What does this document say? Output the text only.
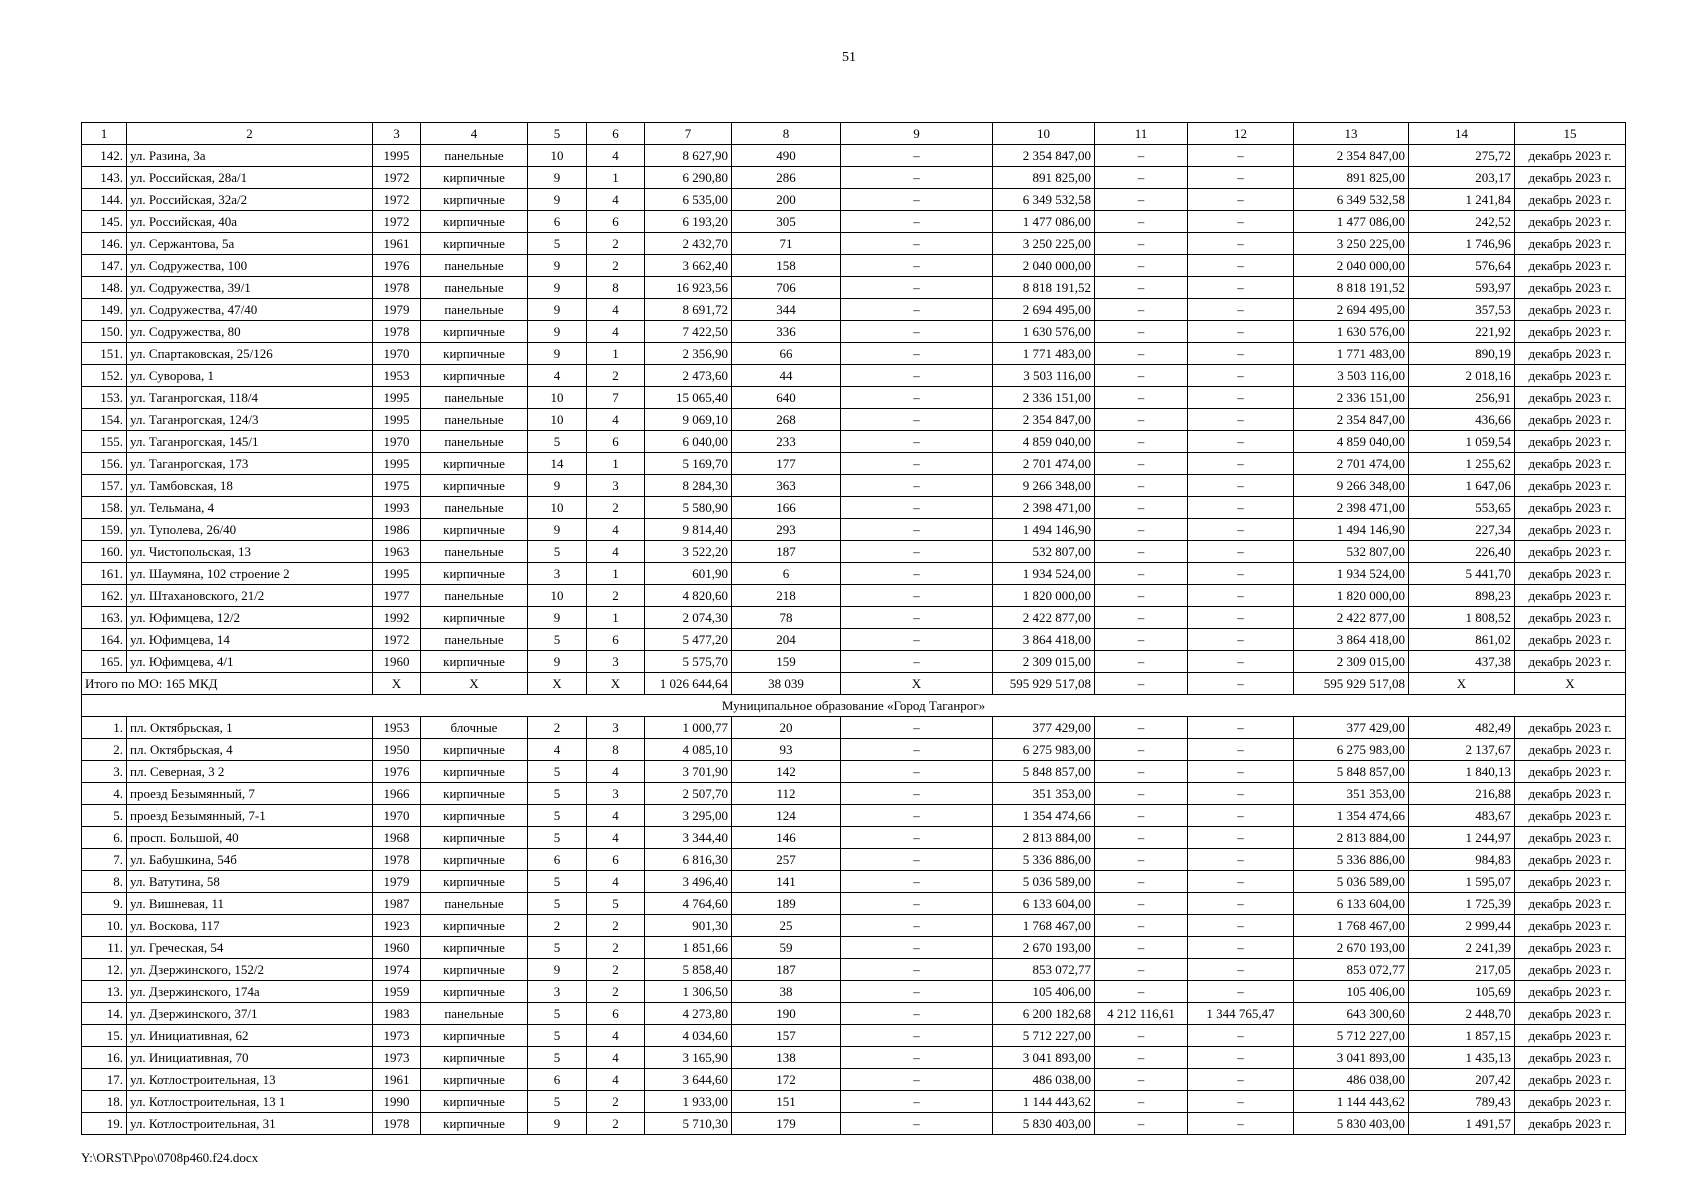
51
1	2	3	4	5	6	7	8	9	10	11	12	13	14	15
142.	ул. Разина, 3а	1995	панельные	10	4	8 627,90	490	–	2 354 847,00	–	–	2 354 847,00	275,72	декабрь 2023 г.
143.	ул. Российская, 28а/1	1972	кирпичные	9	1	6 290,80	286	–	891 825,00	–	–	891 825,00	203,17	декабрь 2023 г.
144.	ул. Российская, 32а/2	1972	кирпичные	9	4	6 535,00	200	–	6 349 532,58	–	–	6 349 532,58	1 241,84	декабрь 2023 г.
145.	ул. Российская, 40а	1972	кирпичные	6	6	6 193,20	305	–	1 477 086,00	–	–	1 477 086,00	242,52	декабрь 2023 г.
146.	ул. Сержантова, 5а	1961	кирпичные	5	2	2 432,70	71	–	3 250 225,00	–	–	3 250 225,00	1 746,96	декабрь 2023 г.
147.	ул. Содружества, 100	1976	панельные	9	2	3 662,40	158	–	2 040 000,00	–	–	2 040 000,00	576,64	декабрь 2023 г.
148.	ул. Содружества, 39/1	1978	панельные	9	8	16 923,56	706	–	8 818 191,52	–	–	8 818 191,52	593,97	декабрь 2023 г.
149.	ул. Содружества, 47/40	1979	панельные	9	4	8 691,72	344	–	2 694 495,00	–	–	2 694 495,00	357,53	декабрь 2023 г.
150.	ул. Содружества, 80	1978	кирпичные	9	4	7 422,50	336	–	1 630 576,00	–	–	1 630 576,00	221,92	декабрь 2023 г.
151.	ул. Спартаковская, 25/126	1970	кирпичные	9	1	2 356,90	66	–	1 771 483,00	–	–	1 771 483,00	890,19	декабрь 2023 г.
152.	ул. Суворова, 1	1953	кирпичные	4	2	2 473,60	44	–	3 503 116,00	–	–	3 503 116,00	2 018,16	декабрь 2023 г.
153.	ул. Таганрогская, 118/4	1995	панельные	10	7	15 065,40	640	–	2 336 151,00	–	–	2 336 151,00	256,91	декабрь 2023 г.
154.	ул. Таганрогская, 124/3	1995	панельные	10	4	9 069,10	268	–	2 354 847,00	–	–	2 354 847,00	436,66	декабрь 2023 г.
155.	ул. Таганрогская, 145/1	1970	панельные	5	6	6 040,00	233	–	4 859 040,00	–	–	4 859 040,00	1 059,54	декабрь 2023 г.
156.	ул. Таганрогская, 173	1995	кирпичные	14	1	5 169,70	177	–	2 701 474,00	–	–	2 701 474,00	1 255,62	декабрь 2023 г.
157.	ул. Тамбовская, 18	1975	кирпичные	9	3	8 284,30	363	–	9 266 348,00	–	–	9 266 348,00	1 647,06	декабрь 2023 г.
158.	ул. Тельмана, 4	1993	панельные	10	2	5 580,90	166	–	2 398 471,00	–	–	2 398 471,00	553,65	декабрь 2023 г.
159.	ул. Туполева, 26/40	1986	кирпичные	9	4	9 814,40	293	–	1 494 146,90	–	–	1 494 146,90	227,34	декабрь 2023 г.
160.	ул. Чистопольская, 13	1963	панельные	5	4	3 522,20	187	–	532 807,00	–	–	532 807,00	226,40	декабрь 2023 г.
161.	ул. Шаумяна, 102 строение 2	1995	кирпичные	3	1	601,90	6	–	1 934 524,00	–	–	1 934 524,00	5 441,70	декабрь 2023 г.
162.	ул. Штахановского, 21/2	1977	панельные	10	2	4 820,60	218	–	1 820 000,00	–	–	1 820 000,00	898,23	декабрь 2023 г.
163.	ул. Юфимцева, 12/2	1992	кирпичные	9	1	2 074,30	78	–	2 422 877,00	–	–	2 422 877,00	1 808,52	декабрь 2023 г.
164.	ул. Юфимцева, 14	1972	панельные	5	6	5 477,20	204	–	3 864 418,00	–	–	3 864 418,00	861,02	декабрь 2023 г.
165.	ул. Юфимцева, 4/1	1960	кирпичные	9	3	5 575,70	159	–	2 309 015,00	–	–	2 309 015,00	437,38	декабрь 2023 г.
Итого по МО: 165 МКД		X	X	X	X	1 026 644,64	38 039	X	595 929 517,08	–	–	595 929 517,08	X	X
Муниципальное образование «Город Таганрог»														
1.	пл. Октябрьская, 1	1953	блочные	2	3	1 000,77	20	–	377 429,00	–	–	377 429,00	482,49	декабрь 2023 г.
2.	пл. Октябрьская, 4	1950	кирпичные	4	8	4 085,10	93	–	6 275 983,00	–	–	6 275 983,00	2 137,67	декабрь 2023 г.
3.	пл. Северная, 3 2	1976	кирпичные	5	4	3 701,90	142	–	5 848 857,00	–	–	5 848 857,00	1 840,13	декабрь 2023 г.
4.	проезд Безымянный, 7	1966	кирпичные	5	3	2 507,70	112	–	351 353,00	–	–	351 353,00	216,88	декабрь 2023 г.
5.	проезд Безымянный, 7-1	1970	кирпичные	5	4	3 295,00	124	–	1 354 474,66	–	–	1 354 474,66	483,67	декабрь 2023 г.
6.	просп. Большой, 40	1968	кирпичные	5	4	3 344,40	146	–	2 813 884,00	–	–	2 813 884,00	1 244,97	декабрь 2023 г.
7.	ул. Бабушкина, 54б	1978	кирпичные	6	6	6 816,30	257	–	5 336 886,00	–	–	5 336 886,00	984,83	декабрь 2023 г.
8.	ул. Ватутина, 58	1979	кирпичные	5	4	3 496,40	141	–	5 036 589,00	–	–	5 036 589,00	1 595,07	декабрь 2023 г.
9.	ул. Вишневая, 11	1987	панельные	5	5	4 764,60	189	–	6 133 604,00	–	–	6 133 604,00	1 725,39	декабрь 2023 г.
10.	ул. Воскова, 117	1923	кирпичные	2	2	901,30	25	–	1 768 467,00	–	–	1 768 467,00	2 999,44	декабрь 2023 г.
11.	ул. Греческая, 54	1960	кирпичные	5	2	1 851,66	59	–	2 670 193,00	–	–	2 670 193,00	2 241,39	декабрь 2023 г.
12.	ул. Дзержинского, 152/2	1974	кирпичные	9	2	5 858,40	187	–	853 072,77	–	–	853 072,77	217,05	декабрь 2023 г.
13.	ул. Дзержинского, 174а	1959	кирпичные	3	2	1 306,50	38	–	105 406,00	–	–	105 406,00	105,69	декабрь 2023 г.
14.	ул. Дзержинского, 37/1	1983	панельные	5	6	4 273,80	190	–	6 200 182,68	4 212 116,61	1 344 765,47	643 300,60	2 448,70	декабрь 2023 г.
15.	ул. Инициативная, 62	1973	кирпичные	5	4	4 034,60	157	–	5 712 227,00	–	–	5 712 227,00	1 857,15	декабрь 2023 г.
16.	ул. Инициативная, 70	1973	кирпичные	5	4	3 165,90	138	–	3 041 893,00	–	–	3 041 893,00	1 435,13	декабрь 2023 г.
17.	ул. Котлостроительная, 13	1961	кирпичные	6	4	3 644,60	172	–	486 038,00	–	–	486 038,00	207,42	декабрь 2023 г.
18.	ул. Котлостроительная, 13 1	1990	кирпичные	5	2	1 933,00	151	–	1 144 443,62	–	–	1 144 443,62	789,43	декабрь 2023 г.
19.	ул. Котлостроительная, 31	1978	кирпичные	9	2	5 710,30	179	–	5 830 403,00	–	–	5 830 403,00	1 491,57	декабрь 2023 г.
Y:\ORST\Ppo\0708p460.f24.docx
